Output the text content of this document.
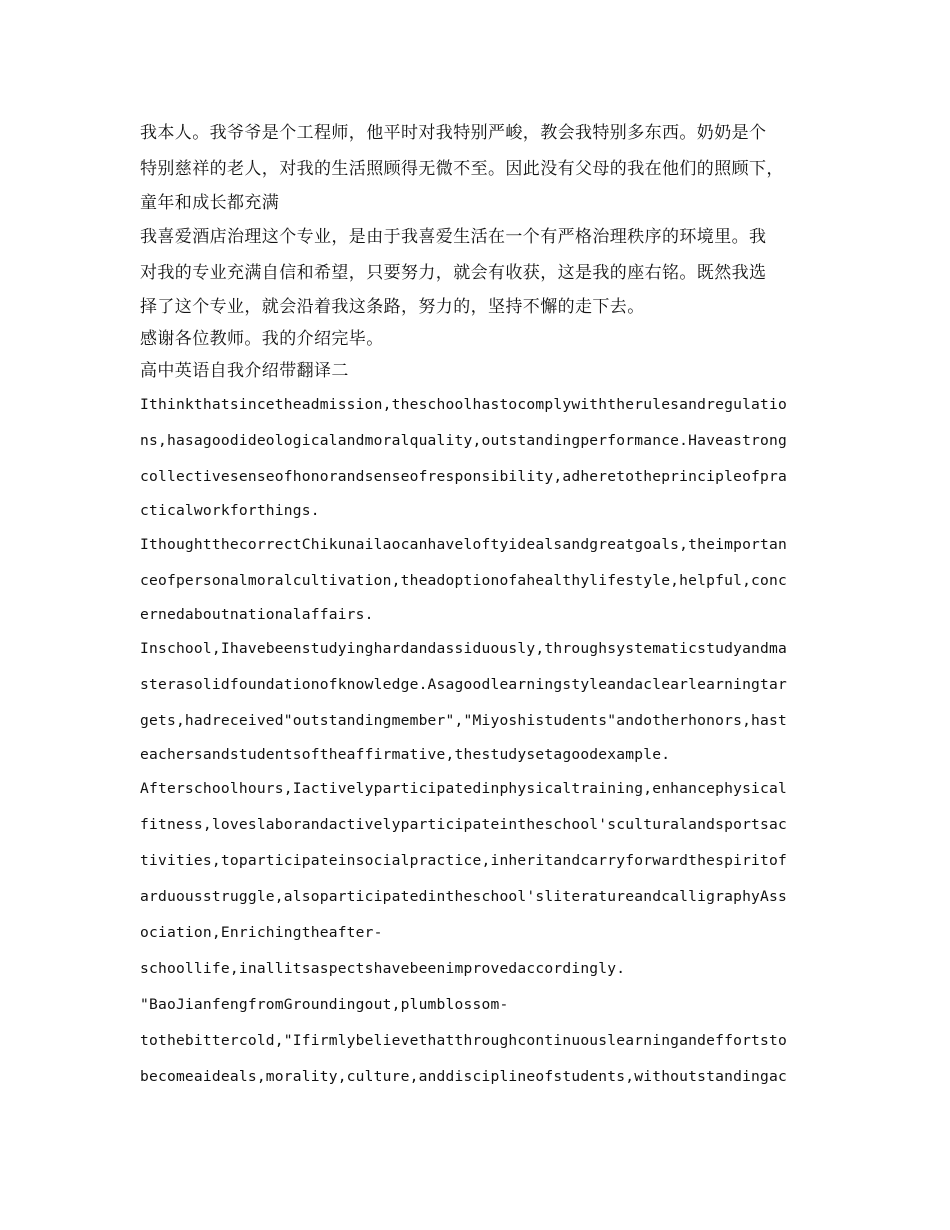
我本人。我爷爷是个工程师，他平时对我特别严峻，教会我特别多东西。奶奶是个
特别慈祥的老人，对我的生活照顾得无微不至。因此没有父母的我在他们的照顾下，
童年和成长都充满
我喜爱酒店治理这个专业，是由于我喜爱生活在一个有严格治理秩序的环境里。我
对我的专业充满自信和希望，只要努力，就会有收获，这是我的座右铭。既然我选
择了这个专业，就会沿着我这条路，努力的，坚持不懈的走下去。
感谢各位教师。我的介绍完毕。
高中英语自我介绍带翻译二
Ithinkthatsincetheadmission,theschoolhastocomplywiththerulesandregulatio
ns,hasagoodideologicalandmoralquality,outstandingperformance.Haveastrong
collectivesenseofhonorandsenseofresponsibility,adheretotheprincipleofpra
cticalworkforthings.
IthoughtthecorrectChikunailaocanhaveloftyidealsandgreatgoals,theimportan
ceofpersonalmoralcultivation,theadoptionofahealthylifestyle,helpful,conc
ernedaboutnationalaffairs.
Inschool,Ihavebeenstudyinghardandassiduously,throughsystematicstudyandma
sterasolidfoundationofknowledge.Asagoodlearningstyleandaclearlearningtar
gets,hadreceived"outstandingmember","Miyoshistudents"andotherhonors,hast
eachersandstudentsoftheaffirmative,thestudysetagoodexample.
Afterschoolhours,Iactivelyparticipatedinphysicaltraining,enhancephysical
fitness,loveslaborandactivelyparticipateintheschool'sculturalandsportsac
tivities,toparticipateinsocialpractice,inheritandcarryforwardthespiritof
arduousstruggle,alsoparticipatedintheschool'sliteratureandcalligraphyAss
ociation,Enrichingtheafter-
schoollife,inallitsaspectshavebeenimprovedaccordingly.
"BaoJianfengfromGroundingout,plumblossom-
tothebittercold,"Ifirmlybelievethatthroughcontinuouslearningandeffortsto
becomeaideals,morality,culture,anddisciplineofstudents,withoutstandingac
